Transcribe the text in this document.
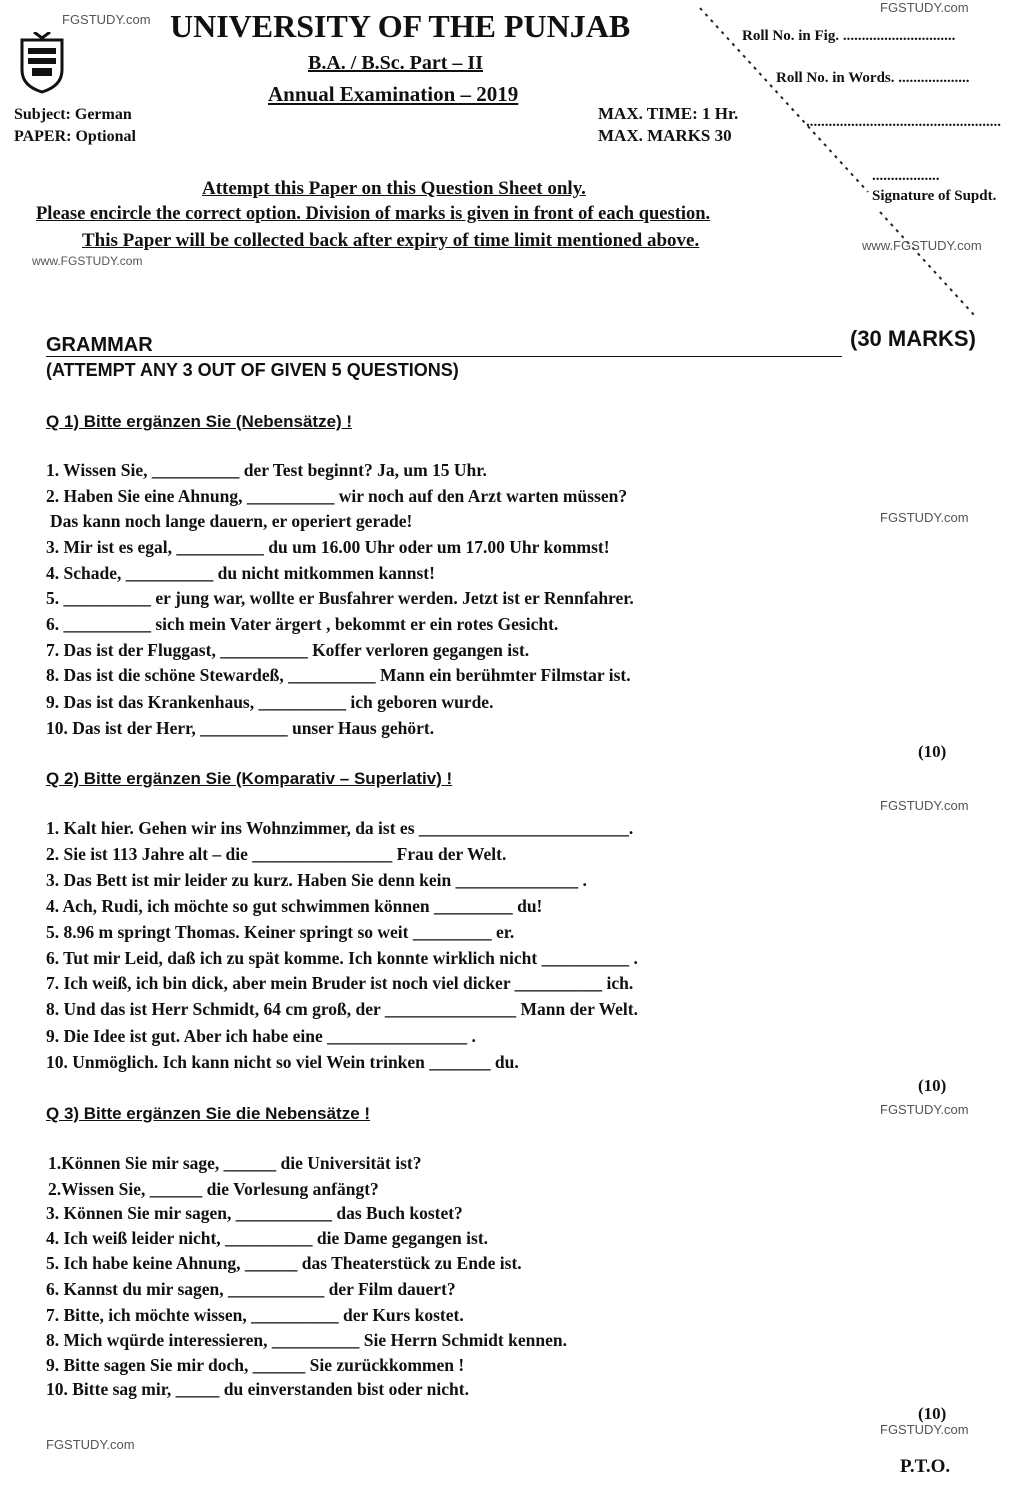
FGSTUDY.com
FGSTUDY.com
www.FGSTUDY.com
www.FGSTUDY.com
FGSTUDY.com
FGSTUDY.com
FGSTUDY.com
FGSTUDY.com
FGSTUDY.com
UNIVERSITY OF THE PUNJAB
B.A. / B.Sc. Part – II
Annual Examination – 2019
Subject: German
PAPER: Optional
MAX. TIME: 1 Hr.
MAX. MARKS 30
Roll No. in Fig. ..............................
Roll No. in Words. ...................
....................................................
..................
Signature of Supdt.
Attempt this Paper on this Question Sheet only.
Please encircle the correct option. Division of marks is given in front of each question.
This Paper will be collected back after expiry of time limit mentioned above.
GRAMMAR	(30 MARKS)
(ATTEMPT ANY 3 OUT OF GIVEN 5 QUESTIONS)
Q 1) Bitte ergänzen Sie (Nebensätze) !
1. Wissen Sie, __________ der Test beginnt? Ja, um 15 Uhr.
2. Haben Sie eine Ahnung, __________ wir noch auf den Arzt warten müssen?
Das kann noch lange dauern, er operiert gerade!
3. Mir ist es egal, __________ du um 16.00 Uhr oder um 17.00 Uhr kommst!
4. Schade, __________ du nicht mitkommen kannst!
5. __________ er jung war, wollte er Busfahrer werden. Jetzt ist er Rennfahrer.
6. __________ sich mein Vater ärgert , bekommt er ein rotes Gesicht.
7. Das ist der Fluggast, __________ Koffer verloren gegangen ist.
8. Das ist die schöne Stewardeß, __________ Mann ein berühmter Filmstar ist.
9. Das ist das Krankenhaus, __________ ich geboren wurde.
10. Das ist der Herr, __________ unser Haus gehört.
(10)
Q 2) Bitte ergänzen Sie (Komparativ – Superlativ) !
1. Kalt hier. Gehen wir ins Wohnzimmer, da ist es ________________________.
2. Sie ist 113 Jahre alt – die ________________ Frau der Welt.
3. Das Bett ist mir leider zu kurz. Haben Sie denn kein ______________ .
4. Ach, Rudi, ich möchte so gut schwimmen können _________ du!
5. 8.96 m springt Thomas. Keiner springt so weit _________ er.
6. Tut mir Leid, daß ich zu spät komme. Ich konnte wirklich nicht __________ .
7. Ich weiß, ich bin dick, aber mein Bruder ist noch viel dicker __________ ich.
8. Und das ist Herr Schmidt, 64 cm groß, der _______________ Mann der Welt.
9. Die Idee ist gut. Aber ich habe eine ________________ .
10. Unmöglich. Ich kann nicht so viel Wein trinken _______ du.
(10)
Q 3) Bitte ergänzen Sie die Nebensätze !
1.Können Sie mir sage, ______ die Universität ist?
2.Wissen Sie, ______ die Vorlesung anfängt?
3. Können Sie mir sagen, ___________ das Buch kostet?
4. Ich weiß leider nicht, __________ die Dame gegangen ist.
5. Ich habe keine Ahnung, ______ das Theaterstück zu Ende ist.
6. Kannst du mir sagen, ___________ der Film dauert?
7. Bitte, ich möchte wissen, __________ der Kurs kostet.
8. Mich wqürde interessieren, __________ Sie Herrn Schmidt kennen.
9. Bitte sagen Sie mir doch, ______ Sie zurückkommen !
10. Bitte sag mir, _____ du einverstanden bist oder nicht.
(10)
P.T.O.
